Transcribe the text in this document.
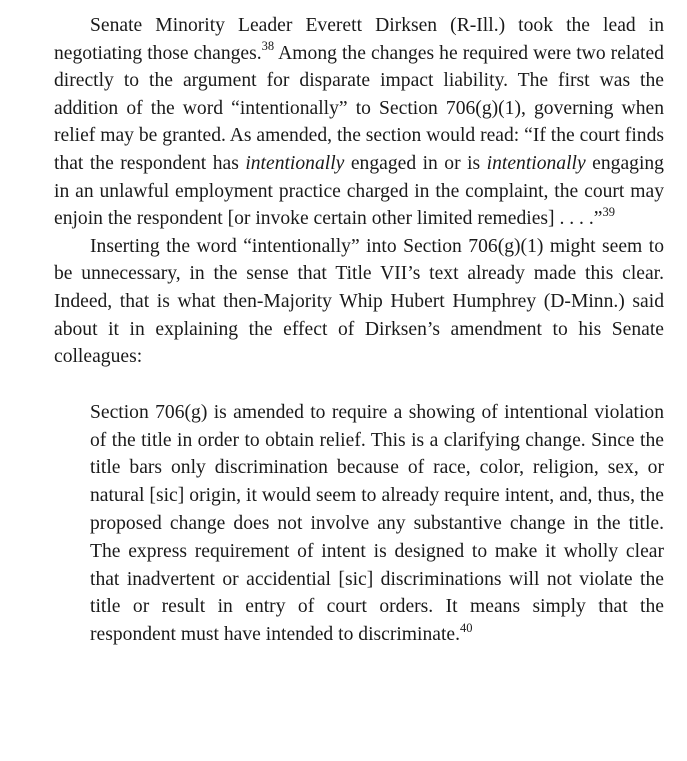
Senate Minority Leader Everett Dirksen (R-Ill.) took the lead in negotiating those changes.$^{38}$ Among the changes he required were two related directly to the argument for disparate impact liability. The first was the addition of the word “intentionally” to Section 706(g)(1), governing when relief may be granted. As amended, the section would read: “If the court finds that the respondent has intentionally engaged in or is intentionally engaging in an unlawful employment practice charged in the complaint, the court may enjoin the respondent [or invoke certain other limited remedies] . . . .”$^{39}$

Inserting the word “intentionally” into Section 706(g)(1) might seem to be unnecessary, in the sense that Title VII’s text already made this clear. Indeed, that is what then-Majority Whip Hubert Humphrey (D-Minn.) said about it in explaining the effect of Dirksen’s amendment to his Senate colleagues:

Section 706(g) is amended to require a showing of intentional violation of the title in order to obtain relief. This is a clarifying change. Since the title bars only discrimination because of race, color, religion, sex, or natural [sic] origin, it would seem to already require intent, and, thus, the proposed change does not involve any substantive change in the title. The express requirement of intent is designed to make it wholly clear that inadvertent or accidential [sic] discriminations will not violate the title or result in entry of court orders. It means simply that the respondent must have intended to discriminate.$^{40}$
